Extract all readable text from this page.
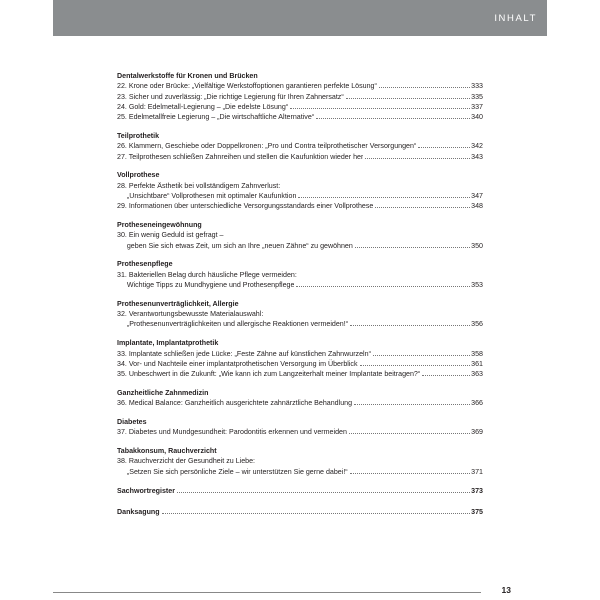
INHALT
Dentalwerkstoffe für Kronen und Brücken
22. Krone oder Brücke: „Vielfältige Werkstoffoptionen garantieren perfekte Lösung“	333
23. Sicher und zuverlässig: „Die richtige Legierung für Ihren Zahnersatz“	335
24. Gold: Edelmetall-Legierung – „Die edelste Lösung“	337
25. Edelmetallfreie Legierung – „Die wirtschaftliche Alternative“	340
Teilprothetik
26. Klammern, Geschiebe oder Doppelkronen: „Pro und Contra teilprothetischer Versorgungen“	342
27. Teilprothesen schließen Zahnreihen und stellen die Kaufunktion wieder her	343
Vollprothese
28. Perfekte Ästhetik bei vollständigem Zahnverlust:
„Unsichtbare“ Vollprothesen mit optimaler Kaufunktion	347
29. Informationen über unterschiedliche Versorgungsstandards einer Vollprothese	348
Protheseneingewöhnung
30. Ein wenig Geduld ist gefragt –
geben Sie sich etwas Zeit, um sich an Ihre „neuen Zähne“ zu gewöhnen	350
Prothesenpflege
31. Bakteriellen Belag durch häusliche Pflege vermeiden:
Wichtige Tipps zu Mundhygiene und Prothesenpflege	353
Prothesenunverträglichkeit, Allergie
32. Verantwortungsbewusste Materialauswahl:
„Prothesenunverträglichkeiten und allergische Reaktionen vermeiden!“	356
Implantate, Implantatprothetik
33. Implantate schließen jede Lücke: „Feste Zähne auf künstlichen Zahnwurzeln“	358
34. Vor- und Nachteile einer implantatprothetischen Versorgung im Überblick	361
35. Unbeschwert in die Zukunft: „Wie kann ich zum Langzeiterhalt meiner Implantate beitragen?“	363
Ganzheitliche Zahnmedizin
36. Medical Balance: Ganzheitlich ausgerichtete zahnärztliche Behandlung	366
Diabetes
37. Diabetes und Mundgesundheit: Parodontitis erkennen und vermeiden	369
Tabakkonsum, Rauchverzicht
38. Rauchverzicht der Gesundheit zu Liebe:
„Setzen Sie sich persönliche Ziele – wir unterstützen Sie gerne dabei!“	371
Sachwortregister	373
Danksagung	375
13
